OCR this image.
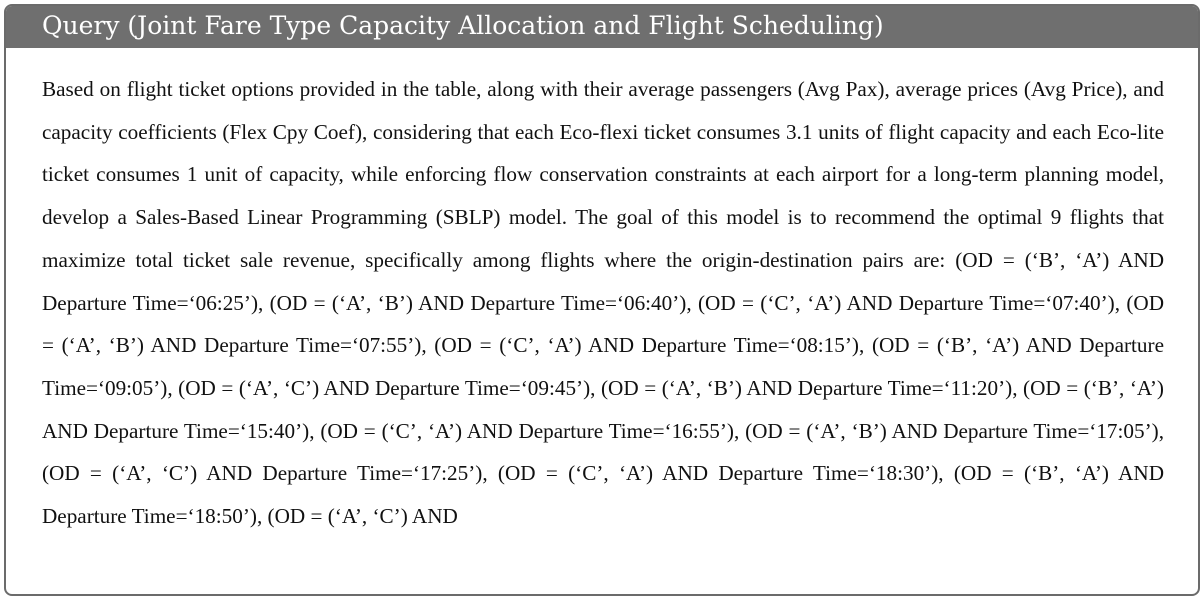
Query (Joint Fare Type Capacity Allocation and Flight Scheduling)
Based on flight ticket options provided in the table, along with their average passengers (Avg Pax), average prices (Avg Price), and capacity coefficients (Flex Cpy Coef), considering that each Eco-flexi ticket consumes 3.1 units of flight capacity and each Eco-lite ticket consumes 1 unit of capacity, while enforcing flow conservation constraints at each airport for a long-term planning model, develop a Sales-Based Linear Programming (SBLP) model. The goal of this model is to recommend the optimal 9 flights that maximize total ticket sale revenue, specifically among flights where the origin-destination pairs are: (OD = (‘B’, ‘A’) AND Departure Time=‘06:25’), (OD = (‘A’, ‘B’) AND Departure Time=‘06:40’), (OD = (‘C’, ‘A’) AND Departure Time=‘07:40’), (OD = (‘A’, ‘B’) AND Departure Time=‘07:55’), (OD = (‘C’, ‘A’) AND Departure Time=‘08:15’), (OD = (‘B’, ‘A’) AND Departure Time=‘09:05’), (OD = (‘A’, ‘C’) AND Departure Time=‘09:45’), (OD = (‘A’, ‘B’) AND Departure Time=‘11:20’), (OD = (‘B’, ‘A’) AND Departure Time=‘15:40’), (OD = (‘C’, ‘A’) AND Departure Time=‘16:55’), (OD = (‘A’, ‘B’) AND Departure Time=‘17:05’), (OD = (‘A’, ‘C’) AND Departure Time=‘17:25’), (OD = (‘C’, ‘A’) AND Departure Time=‘18:30’), (OD = (‘B’, ‘A’) AND Departure Time=‘18:50’), (OD = (‘A’, ‘C’) AND
